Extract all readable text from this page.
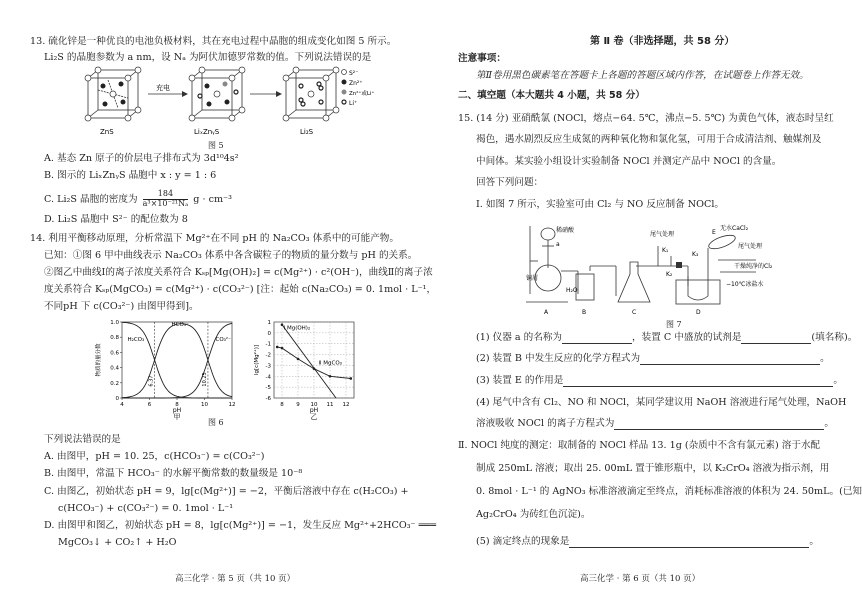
13. 硫化锌是一种优良的电池负极材料，其在充电过程中晶胞的组成变化如图 5 所示。
Li₂S 的晶胞参数为 a nm，设 Nₐ 为阿伏加德罗常数的值。下列说法错误的是
ZnS
充电
LiₓZnᵧS	Li₂S
S²⁻
Zn²⁺
Zn²⁺或Li⁺
Li⁺
图 5
A. 基态 Zn 原子的价层电子排布式为 3d¹⁰4s²
B. 图示的 LiₓZnᵧS 晶胞中 x : y = 1 : 6
C. Li₂S 晶胞的密度为 $\frac{184}{\text{a³×10⁻²¹Nₐ}}$ g · cm⁻³
D. Li₂S 晶胞中 S²⁻ 的配位数为 8
14. 利用平衡移动原理，分析常温下 Mg²⁺在不同 pH 的 Na₂CO₃ 体系中的可能产物。
已知：①图 6 甲中曲线表示 Na₂CO₃ 体系中各含碳粒子的物质的量分数与 pH 的关系。
②图乙中曲线Ⅰ的离子浓度关系符合 Kₛₚ[Mg(OH)₂] = c(Mg²⁺) · c²(OH⁻)，曲线Ⅱ的离子浓
度关系符合 Kₛₚ(MgCO₃) = c(Mg²⁺) · c(CO₃²⁻) [注：起始 c(Na₂CO₃) = 0. 1mol · L⁻¹，
不同pH 下 c(CO₃²⁻) 由图甲得到]。
4	6	8	10	12
0
0.2
0.4
0.6
0.8
1.0
pH
甲
物质的量分数
H₂CO₃
HCO₃⁻
CO₃²⁻
6.37	10.25
8 9 10 11 12
1
0
-1
-2
-3
-4
-5
-6
pH
乙
lg[c(Mg²⁺)]
Ⅰ Mg(OH)₂
Ⅱ MgCO₃
图 6
下列说法错误的是
A. 由图甲，pH = 10. 25，c(HCO₃⁻) = c(CO₃²⁻)
B. 由图甲，常温下 HCO₃⁻ 的水解平衡常数的数量级是 10⁻⁸
C. 由图乙，初始状态 pH = 9，lg[c(Mg²⁺)] = −2，平衡后溶液中存在 c(H₂CO₃) +
c(HCO₃⁻) + c(CO₃²⁻) = 0. 1mol · L⁻¹
D. 由图甲和图乙，初始状态 pH = 8，lg[c(Mg²⁺)] = −1，发生反应 Mg²⁺+2HCO₃⁻ ═══
MgCO₃↓ + CO₂↑ + H₂O
高三化学 · 第 5 页（共 10 页）
第 Ⅱ 卷（非选择题，共 58 分）
注意事项：
第Ⅱ卷用黑色碳素笔在答题卡上各题的答题区域内作答，在试题卷上作答无效。
二、填空题（本大题共 4 小题，共 58 分）
15. (14 分) 亚硝酰氯 (NOCl，熔点−64. 5℃，沸点−5. 5℃) 为黄色气体，液态时呈红
褐色，遇水剧烈反应生成氮的两种氧化物和氯化氢，可用于合成清洁剂、触媒剂及
中间体。某实验小组设计实验制备 NOCl 并测定产品中 NOCl 的含量。
回答下列问题：
Ⅰ. 如图 7 所示，实验室可由 Cl₂ 与 NO 反应制备 NOCl。
稀硝酸
a
铜屑
H₂O
尾气处理
K₁
K₂
K₃
E
无水CaCl₂
尾气处理
干燥纯净的Cl₂
−10℃冰盐水
A	B	C	D
图 7
(1) 仪器 a 的名称为	，装置 C 中盛放的试剂是	(填名称)。
(2) 装置 B 中发生反应的化学方程式为	。
(3) 装置 E 的作用是	。
(4) 尾气中含有 Cl₂、NO 和 NOCl，某同学建议用 NaOH 溶液进行尾气处理，NaOH
溶液吸收 NOCl 的离子方程式为	。
Ⅱ. NOCl 纯度的测定：取制备的 NOCl 样品 13. 1g (杂质中不含有氯元素) 溶于水配
制成 250mL 溶液；取出 25. 00mL 置于锥形瓶中，以 K₂CrO₄ 溶液为指示剂，用
0. 8mol · L⁻¹ 的 AgNO₃ 标准溶液滴定至终点，消耗标准溶液的体积为 24. 50mL。(已知
Ag₂CrO₄ 为砖红色沉淀)。
(5) 滴定终点的现象是	。
高三化学 · 第 6 页（共 10 页）
